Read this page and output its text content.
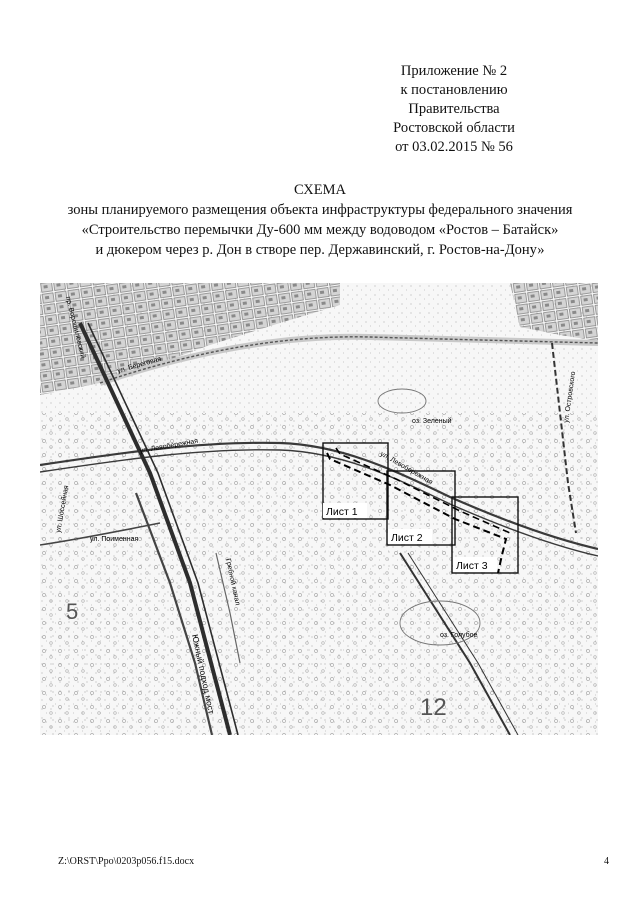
Приложение № 2
к постановлению
Правительства
Ростовской области
от 03.02.2015 № 56
СХЕМА
зоны планируемого размещения объекта инфраструктуры федерального значения
«Строительство перемычки Ду-600 мм между водоводом «Ростов – Батайск»
и дюкером через р. Дон в створе пер. Державинский, г. Ростов-на-Дону»
Лист 1
Лист 2
Лист 3
ул. Береговая
ул. Левобережная
ул. Левобережная
пр. Ворошиловский
ул. Островского
ул. Шоссейная
ул. Поименная
Гребной канал
Южный подход мост
оз. Зеленый
оз. Голубое
5
12
Z:\ORST\Ppo\0203p056.f15.docx	4
